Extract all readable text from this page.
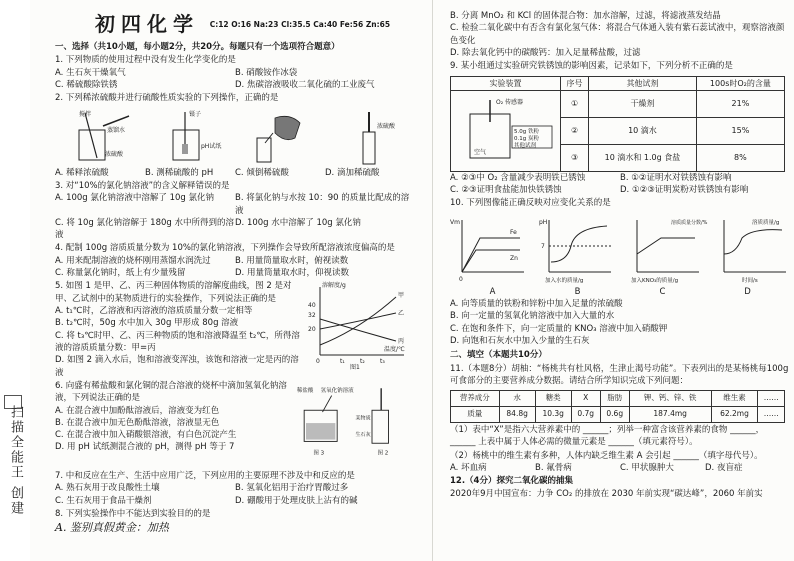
扫描全能王 创建
初四化学 C:12 O:16 Na:23 Cl:35.5 Ca:40 Fe:56 Zn:65
一、选择（共10小题，每小题2分，共20分。每题只有一个选项符合题意）
1. 下列物质的使用过程中没有发生化学变化的是
A. 生石灰干燥氧气	B. 硝酸铵作冰袋
C. 稀硫酸除铁锈	D. 焦碳溶液吸收二氧化硫的工业废气
2. 下列稀浓硫酸并进行硫酸性质实验的下列操作，正确的是
搅拌
蒸馏水
浓硫酸
镊子
pH试纸
浓硫酸
A. 稀释浓硫酸	B. 测稀硫酸的 pH	C. 倾倒稀硫酸	D. 滴加稀硫酸
3. 对“10%的氯化钠溶液”的含义解释错误的是
A. 100g 氯化钠溶液中溶解了 10g 氯化钠	B. 将氯化钠与水按 10：90 的质量比配成的溶液
C. 将 10g 氯化钠溶解于 180g 水中所得到的溶液
D. 100g 水中溶解了 10g 氯化钠
4. 配制 100g 溶质质量分数为 10%的氯化钠溶液，下列操作会导致所配溶液浓度偏高的是
A. 用来配制溶液的烧杯刚用蒸馏水润洗过	B. 用量筒量取水时，俯视读数
C. 称量氯化钠时，纸上有少量残留	D. 用量筒量取水时，仰视读数
5. 如图 1 是甲、乙、丙三种固体物质的溶解度曲线，图 2 是对甲、乙试剂中的某物质进行的实验操作，下列说法正确的是
A. t₁℃时，乙溶液和丙溶液的溶质质量分数一定相等
B. t₂℃时，50g 水中加入 30g 甲形成 80g 溶液
C. 将 t₃℃时甲、乙、丙三种物质的饱和溶液降温至 t₂℃，所得溶液的溶质质量分数：甲=丙
D. 如图 2 滴入水后，饱和溶液变浑浊，该饱和溶液一定是丙的溶液
溶解度/g
40
32
20
甲
乙
丙
0	t₁	t₂	t₃
温度/℃
图1
6. 向盛有稀盐酸和氯化铜的混合溶液的烧杯中滴加氢氧化钠溶液，下列说法正确的是
A. 在混合液中加酚酞溶液后，溶液变为红色
B. 在混合液中加无色酚酞溶液，溶液显无色
C. 在混合液中加入硝酸银溶液，有白色沉淀产生
D. 用 pH 试纸测混合液的 pH，测得 pH 等于 7
稀盐酸 氢氧化钠溶液
图 3
某物质
生石灰
图 2
7. 中和反应在生产、生活中应用广泛，下列应用的主要原理不涉及中和反应的是
A. 熟石灰用于改良酸性土壤	B. 氢氧化铝用于治疗胃酸过多
C. 生石灰用于食品干燥剂	D. 硼酸用于处理皮肤上沾有的碱
8. 下列实验操作中不能达到实验目的的是
A. 鉴别真假黄金：加热
B. 分离 MnO₂ 和 KCl 的固体混合物：加水溶解，过滤，将滤液蒸发结晶
C. 检验二氧化碳中有否含有氯化氢气体：将混合气体通入装有紫石蕊试液中，观察溶液颜色变化
D. 除去氧化钙中的碳酸钙：加入足量稀盐酸，过滤
9. 某小组通过实验研究铁锈蚀的影响因素，记录如下，下列分析不正确的是
实验装置	序号	其他试剂	100s时O₂的含量

O₂ 传感器
5.0g 铁粉
0.1g 炭粉
其他试剂
空气	①	干燥剂	21%
	②	10 滴水	15%
	③	10 滴水和 1.0g 食盐	8%
A. ②③中 O₂ 含量减少表明铁已锈蚀	B. ①②证明水对铁锈蚀有影响
C. ②③证明食盐能加快铁锈蚀	D. ①②③证明炭粉对铁锈蚀有影响
10. 下列图像能正确反映对应变化关系的是
Vm
Fe
Zn
0
pH
7
加入水的质量/g
溶质质量分数/%
加入KNO₃的质量/g
溶质质量/g
时间/s
A	B	C	D
A. 向等质量的铁粉和锌粉中加入足量的浓硫酸
B. 向一定量的氢氧化钠溶液中加入大量的水
C. 在饱和条件下，向一定质量的 KNO₃ 溶液中加入硝酸钾
D. 向饱和石灰水中加入少量的生石灰
二、填空（本题共10分）
11.（本题8分）胡柚：“杨桃共有杜风格，生津止渴号功能”。下表列出的是某杨桃每100g可食部分的主要营养成分数据。请结合所学知识完成下列问题：
营养成分	水	糖类	X	脂肪	钾、钙、锌、铁	维生素	……
质量	84.8g	10.3g	0.7g	0.6g	187.4mg	62.2mg	……
（1）表中“X”是指六大营养素中的 ______；列举一种富含该营养素的食物 ______，
______ 上表中属于人体必需的微量元素是 ______（填元素符号）。
（2）杨桃中的维生素有多种，人体内缺乏维生素 A 会引起 ______（填字母代号）。
A. 坏血病	B. 氟骨病	C. 甲状腺肿大	D. 夜盲症
12.（4分）探究二氧化碳的捕集
2020年9月中国宣布：力争 CO₂ 的排放在 2030 年前实现“碳达峰”，2060 年前实
